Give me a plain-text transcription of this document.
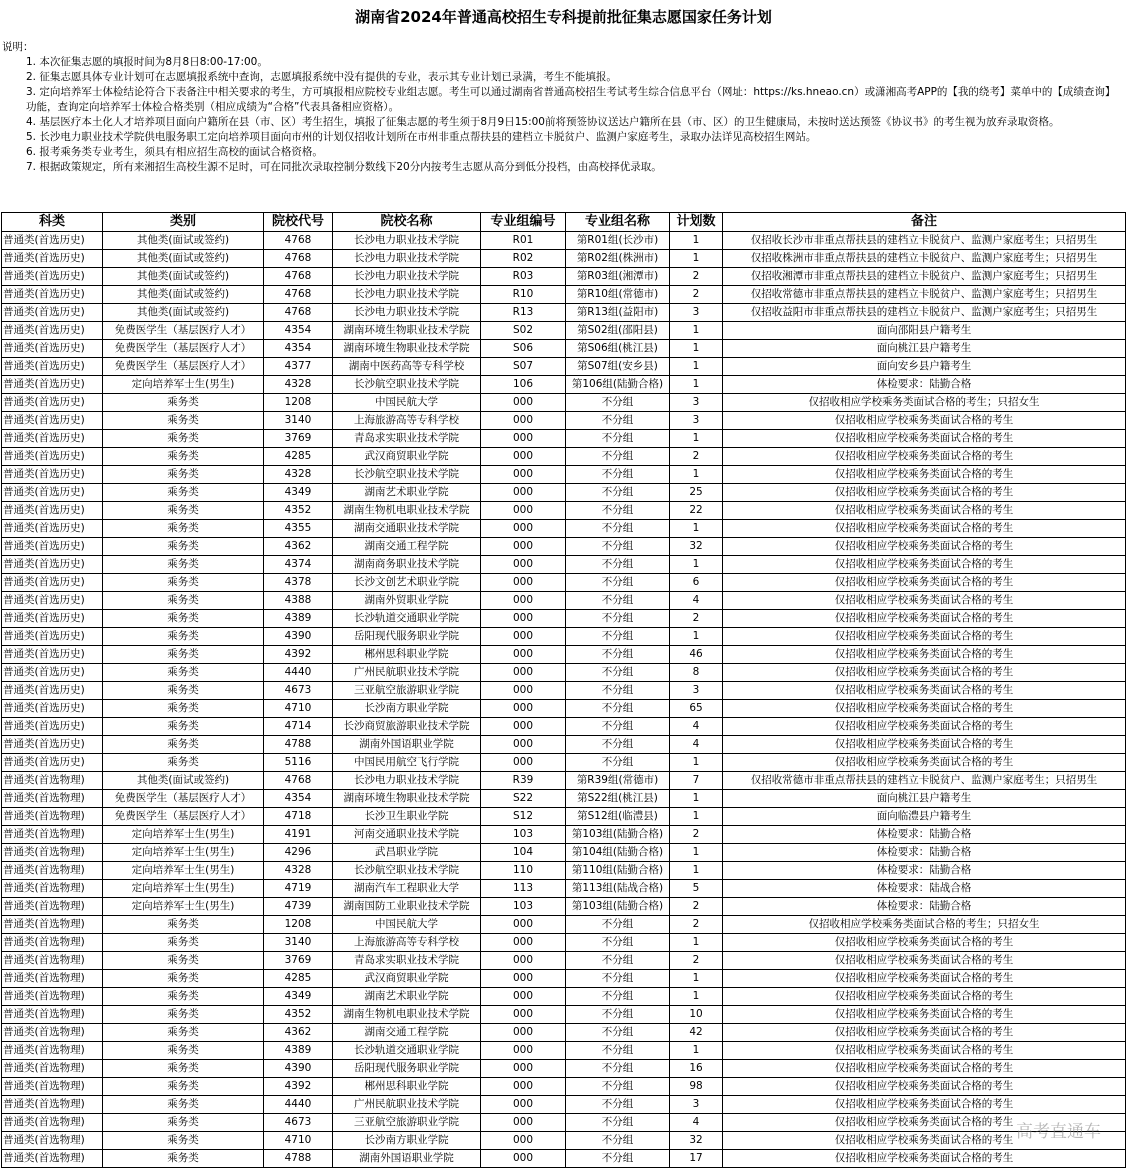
湖南省2024年普通高校招生专科提前批征集志愿国家任务计划
说明：
1. 本次征集志愿的填报时间为8月8日8:00-17:00。
2. 征集志愿具体专业计划可在志愿填报系统中查询，志愿填报系统中没有提供的专业，表示其专业计划已录满，考生不能填报。
3. 定向培养军士体检结论符合下表备注中相关要求的考生，方可填报相应院校专业组志愿。考生可以通过湖南省普通高校招生考试考生综合信息平台（网址：https://ks.hneao.cn）或潇湘高考APP的【我的绕考】菜单中的【成绩查询】功能，查询定向培养军士体检合格类别（相应成绩为“合格”代表具备相应资格）。
4. 基层医疗本土化人才培养项目面向户籍所在县（市、区）考生招生，填报了征集志愿的考生须于8月9日15:00前将预签协议送达户籍所在县（市、区）的卫生健康局，未按时送达预签《协议书》的考生视为放弃录取资格。
5. 长沙电力职业技术学院供电服务职工定向培养项目面向市州的计划仅招收计划所在市州非重点帮扶县的建档立卡脱贫户、监测户家庭考生，录取办法详见高校招生网站。
6. 报考乘务类专业考生，须具有相应招生高校的面试合格资格。
7. 根据政策规定，所有来湘招生高校生源不足时，可在同批次录取控制分数线下20分内按考生志愿从高分到低分投档，由高校择优录取。
科类	类别	院校代号	院校名称	专业组编号	专业组名称	计划数	备注
普通类(首选历史)	其他类(面试或签约)	4768	长沙电力职业技术学院	R01	第R01组(长沙市)	1	仅招收长沙市非重点帮扶县的建档立卡脱贫户、监测户家庭考生；只招男生
普通类(首选历史)	其他类(面试或签约)	4768	长沙电力职业技术学院	R02	第R02组(株洲市)	1	仅招收株洲市非重点帮扶县的建档立卡脱贫户、监测户家庭考生；只招男生
普通类(首选历史)	其他类(面试或签约)	4768	长沙电力职业技术学院	R03	第R03组(湘潭市)	2	仅招收湘潭市非重点帮扶县的建档立卡脱贫户、监测户家庭考生；只招男生
普通类(首选历史)	其他类(面试或签约)	4768	长沙电力职业技术学院	R10	第R10组(常德市)	2	仅招收常德市非重点帮扶县的建档立卡脱贫户、监测户家庭考生；只招男生
普通类(首选历史)	其他类(面试或签约)	4768	长沙电力职业技术学院	R13	第R13组(益阳市)	3	仅招收益阳市非重点帮扶县的建档立卡脱贫户、监测户家庭考生；只招男生
普通类(首选历史)	免费医学生（基层医疗人才）	4354	湖南环境生物职业技术学院	S02	第S02组(邵阳县)	1	面向邵阳县户籍考生
普通类(首选历史)	免费医学生（基层医疗人才）	4354	湖南环境生物职业技术学院	S06	第S06组(桃江县)	1	面向桃江县户籍考生
普通类(首选历史)	免费医学生（基层医疗人才）	4377	湖南中医药高等专科学校	S07	第S07组(安乡县)	1	面向安乡县户籍考生
普通类(首选历史)	定向培养军士生(男生)	4328	长沙航空职业技术学院	106	第106组(陆勤合格)	1	体检要求：陆勤合格
普通类(首选历史)	乘务类	1208	中国民航大学	000	不分组	3	仅招收相应学校乘务类面试合格的考生；只招女生
普通类(首选历史)	乘务类	3140	上海旅游高等专科学校	000	不分组	3	仅招收相应学校乘务类面试合格的考生
普通类(首选历史)	乘务类	3769	青岛求实职业技术学院	000	不分组	1	仅招收相应学校乘务类面试合格的考生
普通类(首选历史)	乘务类	4285	武汉商贸职业学院	000	不分组	2	仅招收相应学校乘务类面试合格的考生
普通类(首选历史)	乘务类	4328	长沙航空职业技术学院	000	不分组	1	仅招收相应学校乘务类面试合格的考生
普通类(首选历史)	乘务类	4349	湖南艺术职业学院	000	不分组	25	仅招收相应学校乘务类面试合格的考生
普通类(首选历史)	乘务类	4352	湖南生物机电职业技术学院	000	不分组	22	仅招收相应学校乘务类面试合格的考生
普通类(首选历史)	乘务类	4355	湖南交通职业技术学院	000	不分组	1	仅招收相应学校乘务类面试合格的考生
普通类(首选历史)	乘务类	4362	湖南交通工程学院	000	不分组	32	仅招收相应学校乘务类面试合格的考生
普通类(首选历史)	乘务类	4374	湖南商务职业技术学院	000	不分组	1	仅招收相应学校乘务类面试合格的考生
普通类(首选历史)	乘务类	4378	长沙文创艺术职业学院	000	不分组	6	仅招收相应学校乘务类面试合格的考生
普通类(首选历史)	乘务类	4388	湖南外贸职业学院	000	不分组	4	仅招收相应学校乘务类面试合格的考生
普通类(首选历史)	乘务类	4389	长沙轨道交通职业学院	000	不分组	2	仅招收相应学校乘务类面试合格的考生
普通类(首选历史)	乘务类	4390	岳阳现代服务职业学院	000	不分组	1	仅招收相应学校乘务类面试合格的考生
普通类(首选历史)	乘务类	4392	郴州思科职业学院	000	不分组	46	仅招收相应学校乘务类面试合格的考生
普通类(首选历史)	乘务类	4440	广州民航职业技术学院	000	不分组	8	仅招收相应学校乘务类面试合格的考生
普通类(首选历史)	乘务类	4673	三亚航空旅游职业学院	000	不分组	3	仅招收相应学校乘务类面试合格的考生
普通类(首选历史)	乘务类	4710	长沙南方职业学院	000	不分组	65	仅招收相应学校乘务类面试合格的考生
普通类(首选历史)	乘务类	4714	长沙商贸旅游职业技术学院	000	不分组	4	仅招收相应学校乘务类面试合格的考生
普通类(首选历史)	乘务类	4788	湖南外国语职业学院	000	不分组	4	仅招收相应学校乘务类面试合格的考生
普通类(首选历史)	乘务类	5116	中国民用航空飞行学院	000	不分组	1	仅招收相应学校乘务类面试合格的考生
普通类(首选物理)	其他类(面试或签约)	4768	长沙电力职业技术学院	R39	第R39组(常德市)	7	仅招收常德市非重点帮扶县的建档立卡脱贫户、监测户家庭考生；只招男生
普通类(首选物理)	免费医学生（基层医疗人才）	4354	湖南环境生物职业技术学院	S22	第S22组(桃江县)	1	面向桃江县户籍考生
普通类(首选物理)	免费医学生（基层医疗人才）	4718	长沙卫生职业学院	S12	第S12组(临澧县)	1	面向临澧县户籍考生
普通类(首选物理)	定向培养军士生(男生)	4191	河南交通职业技术学院	103	第103组(陆勤合格)	2	体检要求：陆勤合格
普通类(首选物理)	定向培养军士生(男生)	4296	武昌职业学院	104	第104组(陆勤合格)	1	体检要求：陆勤合格
普通类(首选物理)	定向培养军士生(男生)	4328	长沙航空职业技术学院	110	第110组(陆勤合格)	1	体检要求：陆勤合格
普通类(首选物理)	定向培养军士生(男生)	4719	湖南汽车工程职业大学	113	第113组(陆战合格)	5	体检要求：陆战合格
普通类(首选物理)	定向培养军士生(男生)	4739	湖南国防工业职业技术学院	103	第103组(陆勤合格)	2	体检要求：陆勤合格
普通类(首选物理)	乘务类	1208	中国民航大学	000	不分组	2	仅招收相应学校乘务类面试合格的考生；只招女生
普通类(首选物理)	乘务类	3140	上海旅游高等专科学校	000	不分组	1	仅招收相应学校乘务类面试合格的考生
普通类(首选物理)	乘务类	3769	青岛求实职业技术学院	000	不分组	2	仅招收相应学校乘务类面试合格的考生
普通类(首选物理)	乘务类	4285	武汉商贸职业学院	000	不分组	1	仅招收相应学校乘务类面试合格的考生
普通类(首选物理)	乘务类	4349	湖南艺术职业学院	000	不分组	1	仅招收相应学校乘务类面试合格的考生
普通类(首选物理)	乘务类	4352	湖南生物机电职业技术学院	000	不分组	10	仅招收相应学校乘务类面试合格的考生
普通类(首选物理)	乘务类	4362	湖南交通工程学院	000	不分组	42	仅招收相应学校乘务类面试合格的考生
普通类(首选物理)	乘务类	4389	长沙轨道交通职业学院	000	不分组	1	仅招收相应学校乘务类面试合格的考生
普通类(首选物理)	乘务类	4390	岳阳现代服务职业学院	000	不分组	16	仅招收相应学校乘务类面试合格的考生
普通类(首选物理)	乘务类	4392	郴州思科职业学院	000	不分组	98	仅招收相应学校乘务类面试合格的考生
普通类(首选物理)	乘务类	4440	广州民航职业技术学院	000	不分组	3	仅招收相应学校乘务类面试合格的考生
普通类(首选物理)	乘务类	4673	三亚航空旅游职业学院	000	不分组	4	仅招收相应学校乘务类面试合格的考生
普通类(首选物理)	乘务类	4710	长沙南方职业学院	000	不分组	32	仅招收相应学校乘务类面试合格的考生
普通类(首选物理)	乘务类	4788	湖南外国语职业学院	000	不分组	17	仅招收相应学校乘务类面试合格的考生
高考直通车
